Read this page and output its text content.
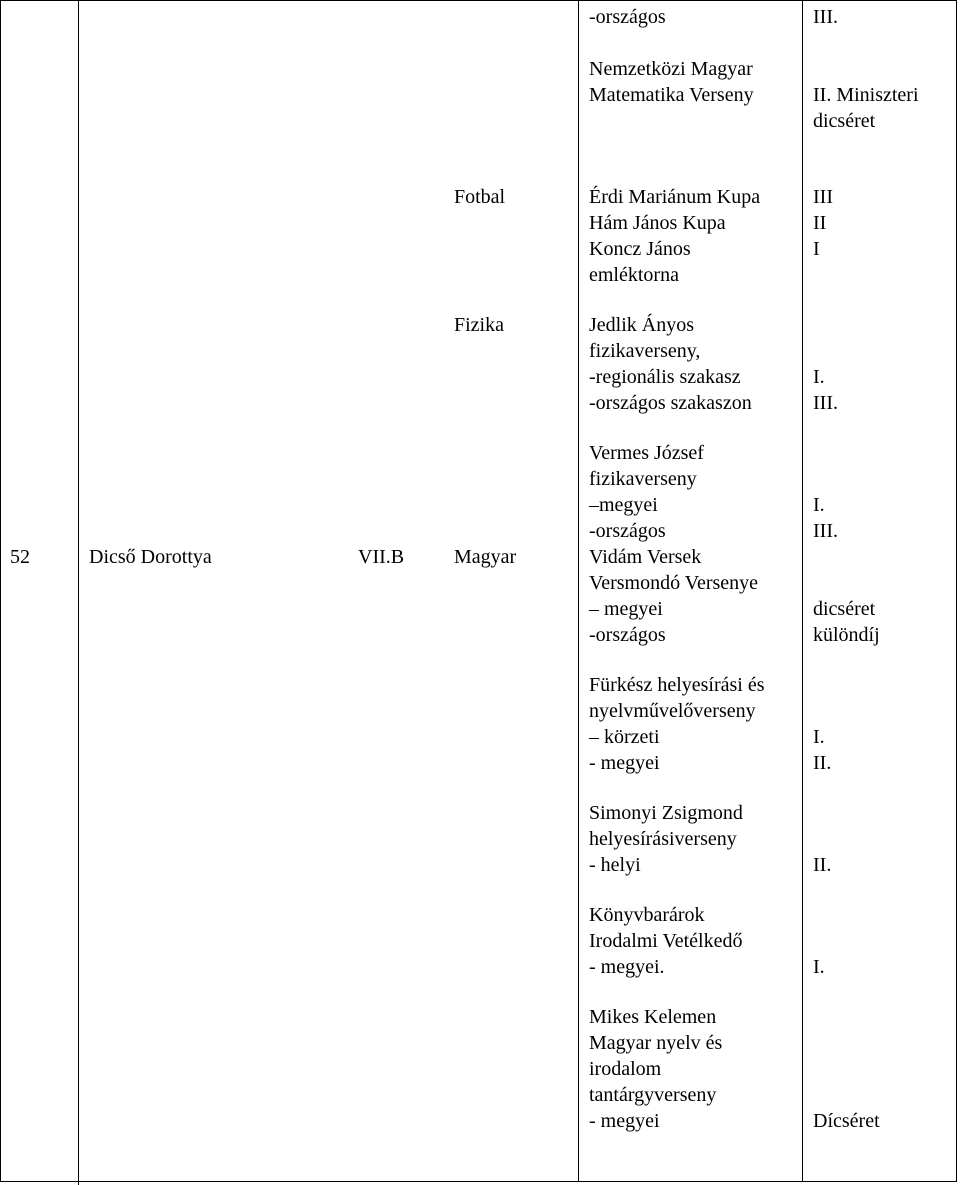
52	Dicső Dorottya	VII.B
Fotbal
Fizika
Magyar
-országos
Nemzetközi Magyar
Matematika Verseny
Érdi Mariánum Kupa
Hám János Kupa
Koncz János
emléktorna
Jedlik Ányos
fizikaverseny,
-regionális szakasz
-országos szakaszon
Vermes József
fizikaverseny
–megyei
-országos
Vidám Versek
Versmondó Versenye
– megyei
-országos
Fürkész helyesírási és
nyelvművelőverseny
– körzeti
- megyei
Simonyi Zsigmond
helyesírásiverseny
- helyi
Könyvbarárok
Irodalmi Vetélkedő
- megyei.
Mikes Kelemen
Magyar nyelv és
irodalom
tantárgyverseny
- megyei
III.
II. Miniszteri
dicséret
III
II
I
I.
III.
I.
III.
dicséret
különdíj
I.
II.
II.
I.
Dícséret
